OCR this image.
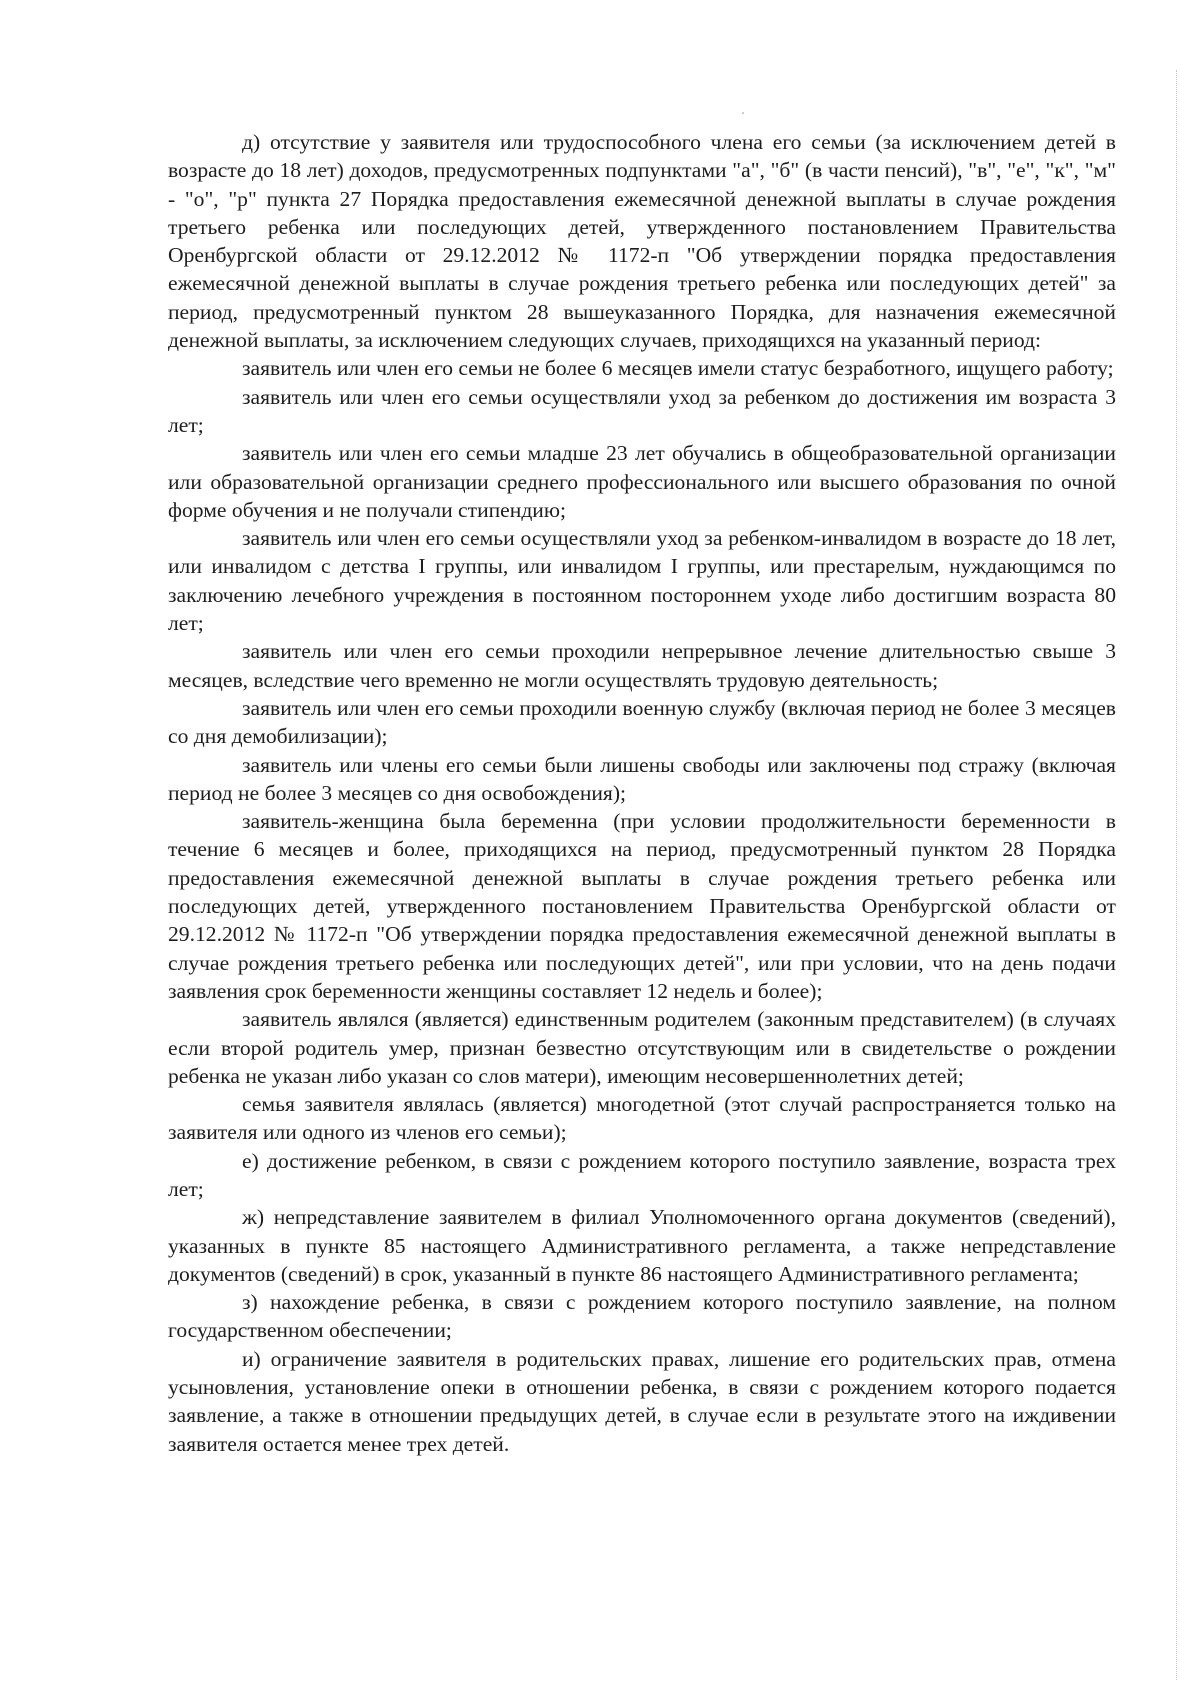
д) отсутствие у заявителя или трудоспособного члена его семьи (за исключением детей в возрасте до 18 лет) доходов, предусмотренных подпунктами "а", "б" (в части пенсий), "в", "е", "к", "м" - "о", "р" пункта 27 Порядка предоставления ежемесячной денежной выплаты в случае рождения третьего ребенка или последующих детей, утвержденного постановлением Правительства Оренбургской области от 29.12.2012 № 1172-п "Об утверждении порядка предоставления ежемесячной денежной выплаты в случае рождения третьего ребенка или последующих детей" за период, предусмотренный пунктом 28 вышеуказанного Порядка, для назначения ежемесячной денежной выплаты, за исключением следующих случаев, приходящихся на указанный период:

заявитель или член его семьи не более 6 месяцев имели статус безработного, ищущего работу;

заявитель или член его семьи осуществляли уход за ребенком до достижения им возраста 3 лет;

заявитель или член его семьи младше 23 лет обучались в общеобразовательной организации или образовательной организации среднего профессионального или высшего образования по очной форме обучения и не получали стипендию;

заявитель или член его семьи осуществляли уход за ребенком-инвалидом в возрасте до 18 лет, или инвалидом с детства I группы, или инвалидом I группы, или престарелым, нуждающимся по заключению лечебного учреждения в постоянном постороннем уходе либо достигшим возраста 80 лет;

заявитель или член его семьи проходили непрерывное лечение длительностью свыше 3 месяцев, вследствие чего временно не могли осуществлять трудовую деятельность;

заявитель или член его семьи проходили военную службу (включая период не более 3 месяцев со дня демобилизации);

заявитель или члены его семьи были лишены свободы или заключены под стражу (включая период не более 3 месяцев со дня освобождения);

заявитель-женщина была беременна (при условии продолжительности беременности в течение 6 месяцев и более, приходящихся на период, предусмотренный пунктом 28 Порядка предоставления ежемесячной денежной выплаты в случае рождения третьего ребенка или последующих детей, утвержденного постановлением Правительства Оренбургской области от 29.12.2012 № 1172-п "Об утверждении порядка предоставления ежемесячной денежной выплаты в случае рождения третьего ребенка или последующих детей", или при условии, что на день подачи заявления срок беременности женщины составляет 12 недель и более);

заявитель являлся (является) единственным родителем (законным представителем) (в случаях если второй родитель умер, признан безвестно отсутствующим или в свидетельстве о рождении ребенка не указан либо указан со слов матери), имеющим несовершеннолетних детей;

семья заявителя являлась (является) многодетной (этот случай распространяется только на заявителя или одного из членов его семьи);

е) достижение ребенком, в связи с рождением которого поступило заявление, возраста трех лет;

ж) непредставление заявителем в филиал Уполномоченного органа документов (сведений), указанных в пункте 85 настоящего Административного регламента, а также непредставление документов (сведений) в срок, указанный в пункте 86 настоящего Административного регламента;

з) нахождение ребенка, в связи с рождением которого поступило заявление, на полном государственном обеспечении;

и) ограничение заявителя в родительских правах, лишение его родительских прав, отмена усыновления, установление опеки в отношении ребенка, в связи с рождением которого подается заявление, а также в отношении предыдущих детей, в случае если в результате этого на иждивении заявителя остается менее трех детей.
